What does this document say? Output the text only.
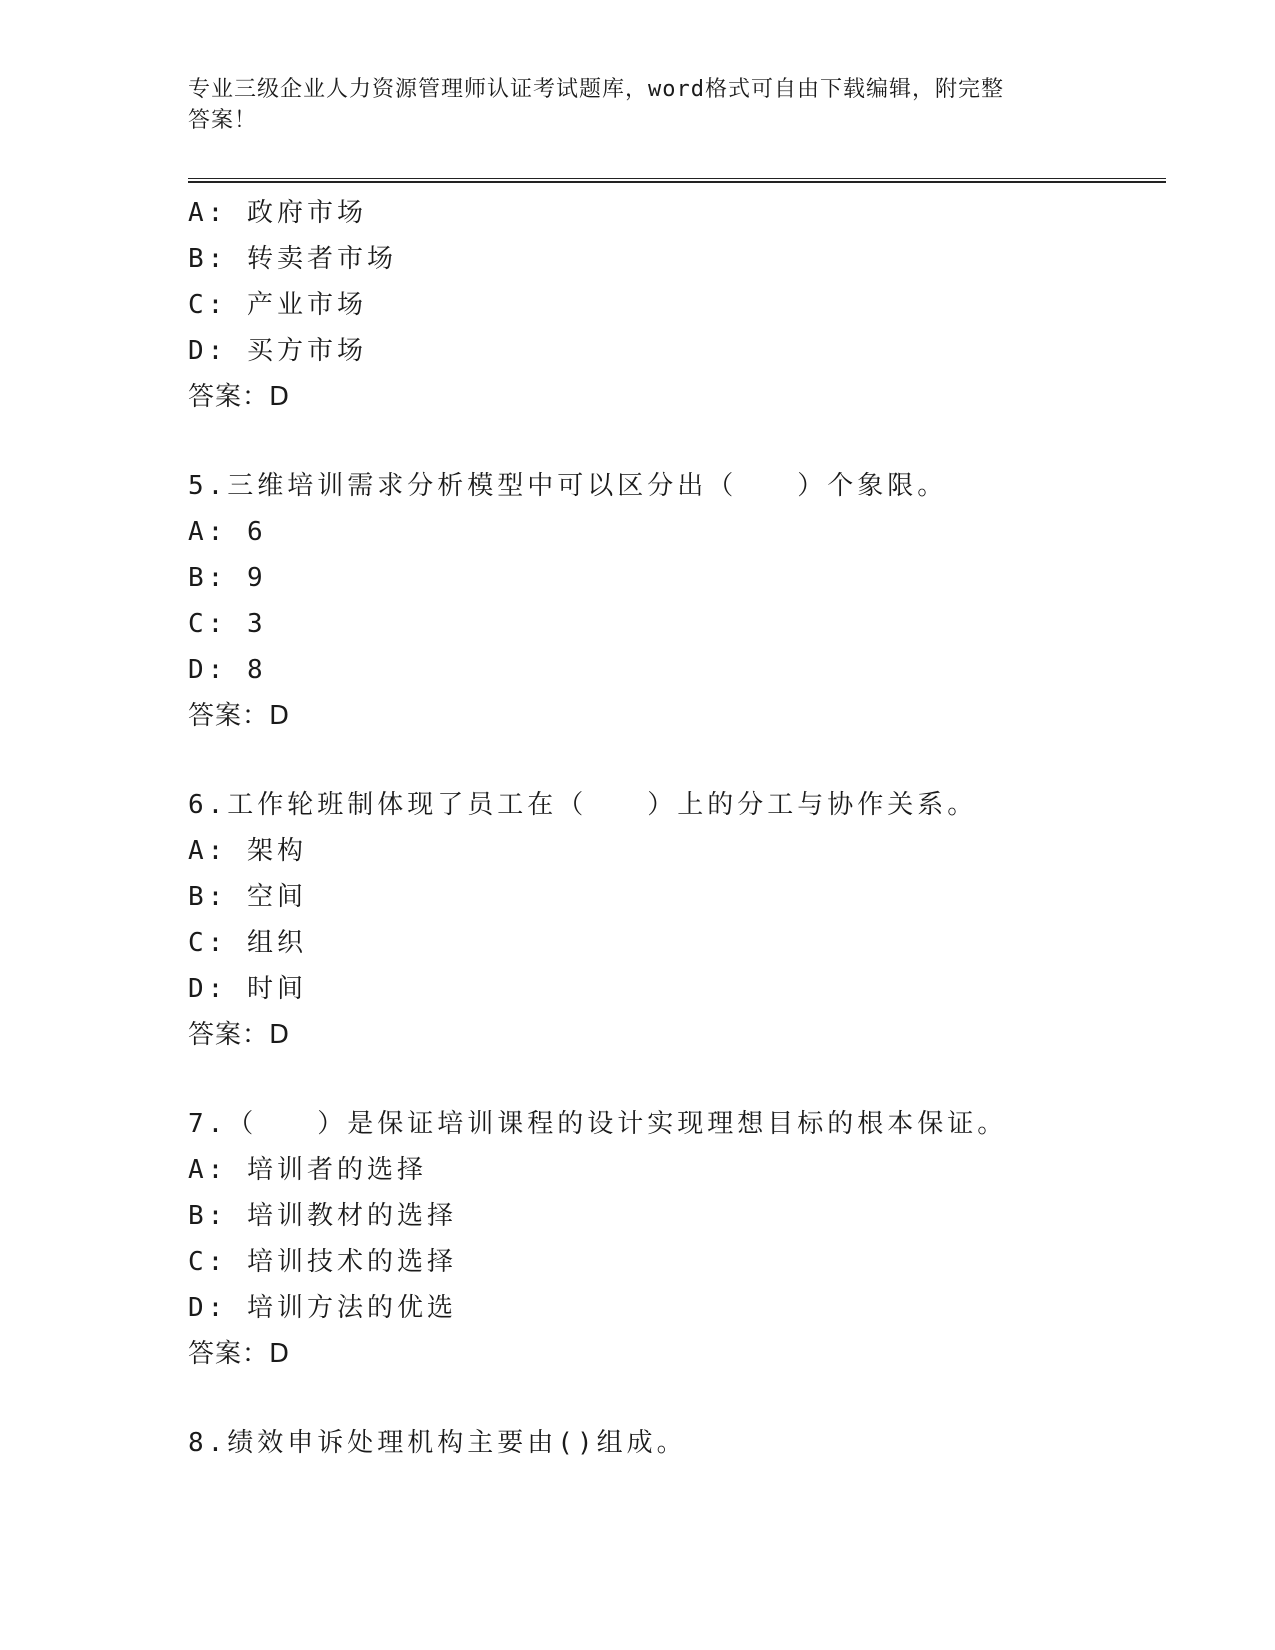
专业三级企业人力资源管理师认证考试题库，word格式可自由下载编辑，附完整
答案！
A: 政府市场
B: 转卖者市场
C: 产业市场
D: 买方市场
答案：D
5.三维培训需求分析模型中可以区分出（　　）个象限。
A: 6
B: 9
C: 3
D: 8
答案：D
6.工作轮班制体现了员工在（　　）上的分工与协作关系。
A: 架构
B: 空间
C: 组织
D: 时间
答案：D
7.（　　）是保证培训课程的设计实现理想目标的根本保证。
A: 培训者的选择
B: 培训教材的选择
C: 培训技术的选择
D: 培训方法的优选
答案：D
8.绩效申诉处理机构主要由()组成。
